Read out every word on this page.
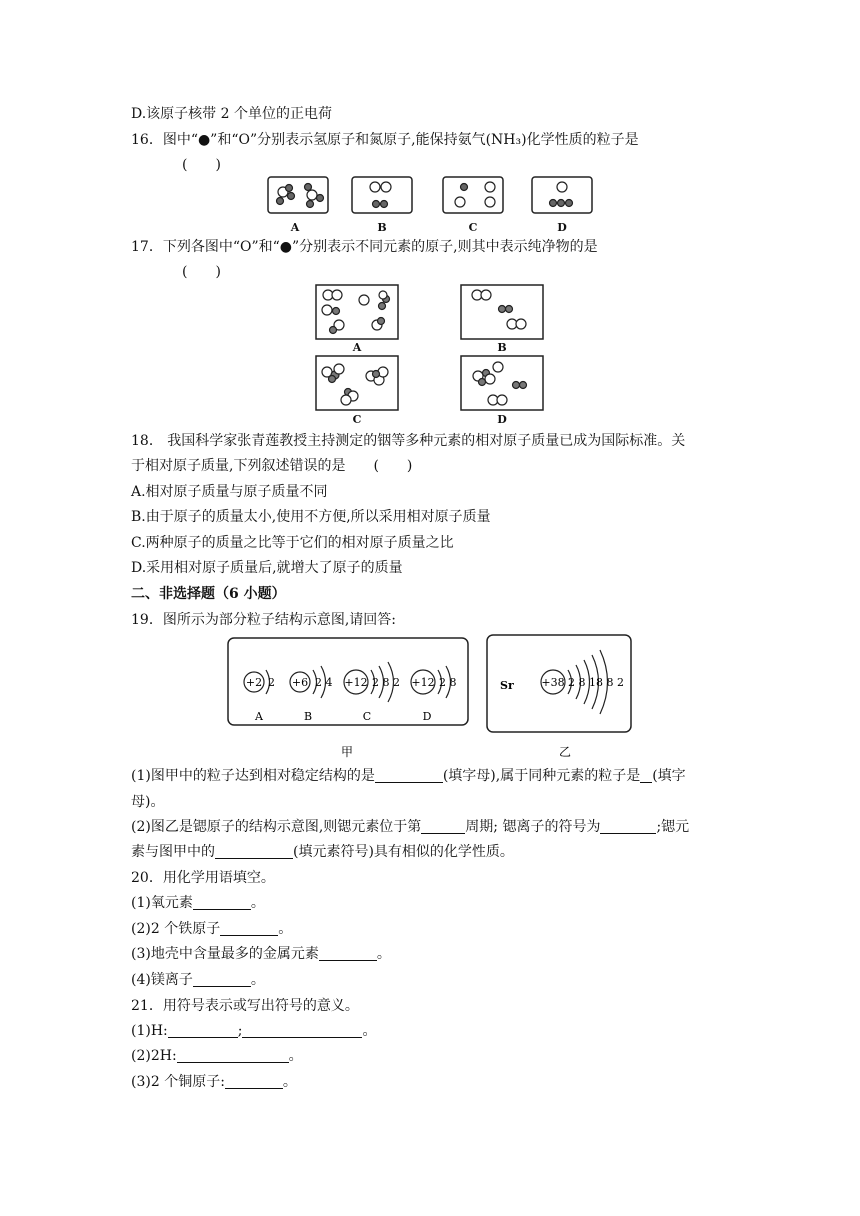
D.该原子核带 2 个单位的正电荷
16．图中“●”和“O”分别表示氢原子和氮原子,能保持氨气(NH₃)化学性质的粒子是
(　　)
A	B	C	D
17．下列各图中“O”和“●”分别表示不同元素的原子,则其中表示纯净物的是
(　　)
A	B
C	D
18． 我国科学家张青莲教授主持测定的铟等多种元素的相对原子质量已成为国际标准。关
于相对原子质量,下列叙述错误的是　　(　　)
A.相对原子质量与原子质量不同
B.由于原子的质量太小,使用不方便,所以采用相对原子质量
C.两种原子的质量之比等于它们的相对原子质量之比
D.采用相对原子质量后,就增大了原子的质量
二、非选择题（6 小题）
19．图所示为部分粒子结构示意图,请回答:
+2 2
A
+6 2 4
B
+12 2 8 2
C
+12 2 8
D
Sr	+38 2 8 18 8 2
甲	乙
(1)图甲中的粒子达到相对稳定结构的是	(填字母),属于同种元素的粒子是 (填字
母)。
(2)图乙是锶原子的结构示意图,则锶元素位于第	周期; 锶离子的符号为	;锶元
素与图甲中的	(填元素符号)具有相似的化学性质。
20．用化学用语填空。
(1)氧元素	。
(2)2 个铁原子	。
(3)地壳中含量最多的金属元素	。
(4)镁离子	。
21．用符号表示或写出符号的意义。
(1)H:	;	。
(2)2H:	。
(3)2 个铜原子:	。
